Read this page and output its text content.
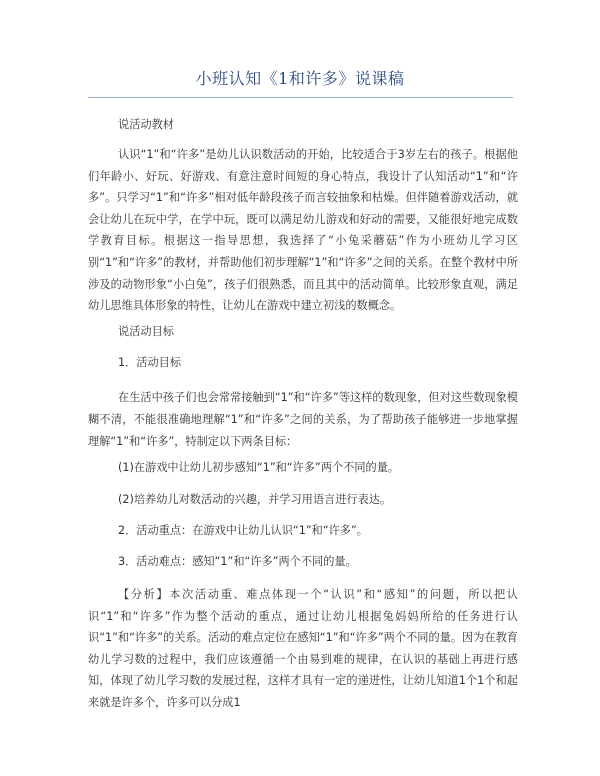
小班认知《1和许多》说课稿

说活动教材

认识“1”和“许多”是幼儿认识数活动的开始，比较适合于3岁左右的孩子。根据他们年龄小、好玩、好游戏、有意注意时间短的身心特点，我设计了认知活动“1”和“许多”。只学习“1”和“许多”相对低年龄段孩子而言较抽象和枯燥。但伴随着游戏活动，就会让幼儿在玩中学，在学中玩，既可以满足幼儿游戏和好动的需要，又能很好地完成数学教育目标。根据这一指导思想，我选择了“小兔采蘑菇”作为小班幼儿学习区别“1”和“许多”的教材，并帮助他们初步理解“1”和“许多”之间的关系。在整个教材中所涉及的动物形象“小白兔”，孩子们很熟悉，而且其中的活动简单。比较形象直观，满足幼儿思维具体形象的特性，让幼儿在游戏中建立初浅的数概念。

说活动目标

1．活动目标

在生活中孩子们也会常常接触到“1”和“许多”等这样的数现象，但对这些数现象模糊不清，不能很准确地理解“1”和“许多”之间的关系，为了帮助孩子能够进一步地掌握理解“1”和“许多”，特制定以下两条目标：

(1)在游戏中让幼儿初步感知“1”和“许多”两个不同的量。

(2)培养幼儿对数活动的兴趣，并学习用语言进行表达。

2．活动重点：在游戏中让幼儿认识“1”和“许多”。

3．活动难点：感知“1”和“许多”两个不同的量。

【分析】本次活动重、难点体现一个“认识”和“感知”的问题，所以把认识“1”和“许多”作为整个活动的重点，通过让幼儿根据兔妈妈所给的任务进行认识“1”和“许多”的关系。活动的难点定位在感知“1”和“许多”两个不同的量。因为在教育幼儿学习数的过程中，我们应该遵循一个由易到难的规律，在认识的基础上再进行感知，体现了幼儿学习数的发展过程，这样才具有一定的递进性，让幼儿知道1个1个和起来就是许多个，许多可以分成1
